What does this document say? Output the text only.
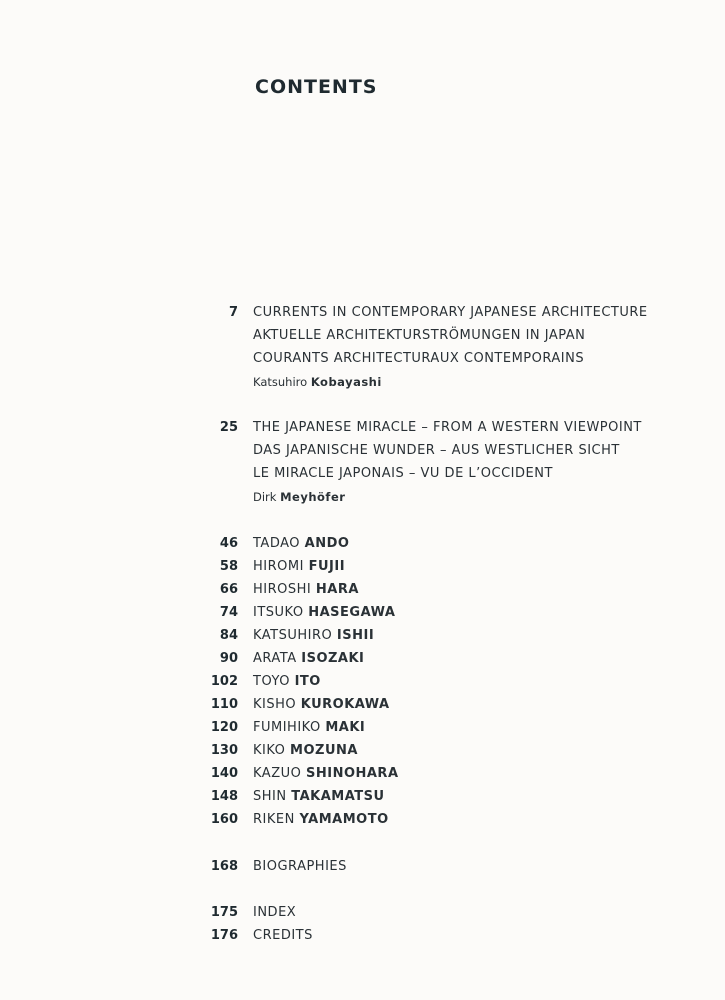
CONTENTS
7 CURRENTS IN CONTEMPORARY JAPANESE ARCHITECTURE
AKTUELLE ARCHITEKTURSTRÖMUNGEN IN JAPAN
COURANTS ARCHITECTURAUX CONTEMPORAINS
Katsuhiro Kobayashi
25 THE JAPANESE MIRACLE – FROM A WESTERN VIEWPOINT
DAS JAPANISCHE WUNDER – AUS WESTLICHER SICHT
LE MIRACLE JAPONAIS – VU DE L’OCCIDENT
Dirk Meyhöfer
46 TADAO ANDO
58 HIROMI FUJII
66 HIROSHI HARA
74 ITSUKO HASEGAWA
84 KATSUHIRO ISHII
90 ARATA ISOZAKI
102 TOYO ITO
110 KISHO KUROKAWA
120 FUMIHIKO MAKI
130 KIKO MOZUNA
140 KAZUO SHINOHARA
148 SHIN TAKAMATSU
160 RIKEN YAMAMOTO
168 BIOGRAPHIES
175 INDEX
176 CREDITS
